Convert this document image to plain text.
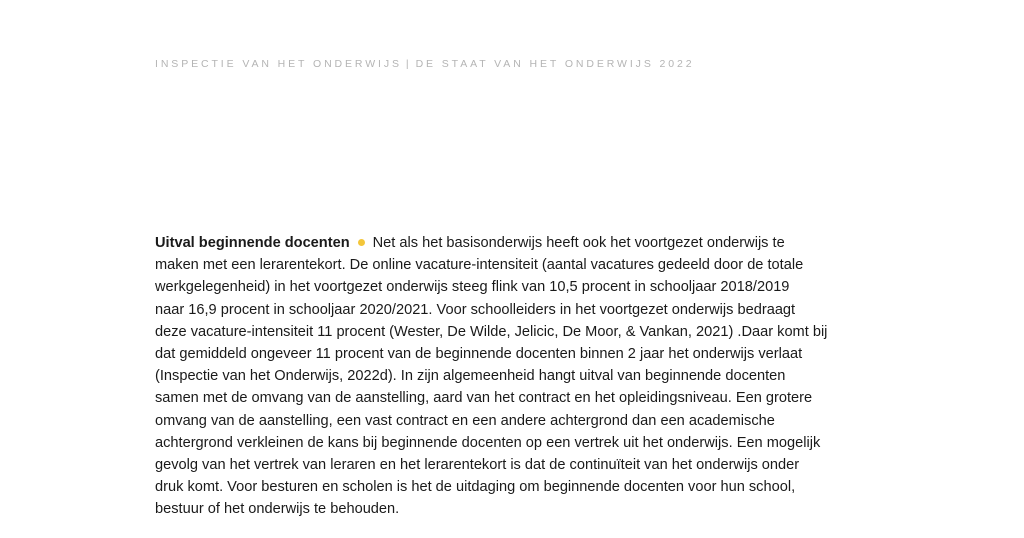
INSPECTIE VAN HET ONDERWIJS | DE STAAT VAN HET ONDERWIJS 2022
Uitval beginnende docenten Net als het basisonderwijs heeft ook het voortgezet onderwijs te
maken met een lerarentekort. De online vacature-intensiteit (aantal vacatures gedeeld door de totale
werkgelegenheid) in het voortgezet onderwijs steeg flink van 10,5 procent in schooljaar 2018/2019
naar 16,9 procent in schooljaar 2020/2021. Voor schoolleiders in het voortgezet onderwijs bedraagt
deze vacature-intensiteit 11 procent (Wester, De Wilde, Jelicic, De Moor, & Vankan, 2021) .Daar komt bij
dat gemiddeld ongeveer 11 procent van de beginnende docenten binnen 2 jaar het onderwijs verlaat
(Inspectie van het Onderwijs, 2022d). In zijn algemeenheid hangt uitval van beginnende docenten
samen met de omvang van de aanstelling, aard van het contract en het opleidingsniveau. Een grotere
omvang van de aanstelling, een vast contract en een andere achtergrond dan een academische
achtergrond verkleinen de kans bij beginnende docenten op een vertrek uit het onderwijs. Een mogelijk
gevolg van het vertrek van leraren en het lerarentekort is dat de continuïteit van het onderwijs onder
druk komt. Voor besturen en scholen is het de uitdaging om beginnende docenten voor hun school,
bestuur of het onderwijs te behouden.
